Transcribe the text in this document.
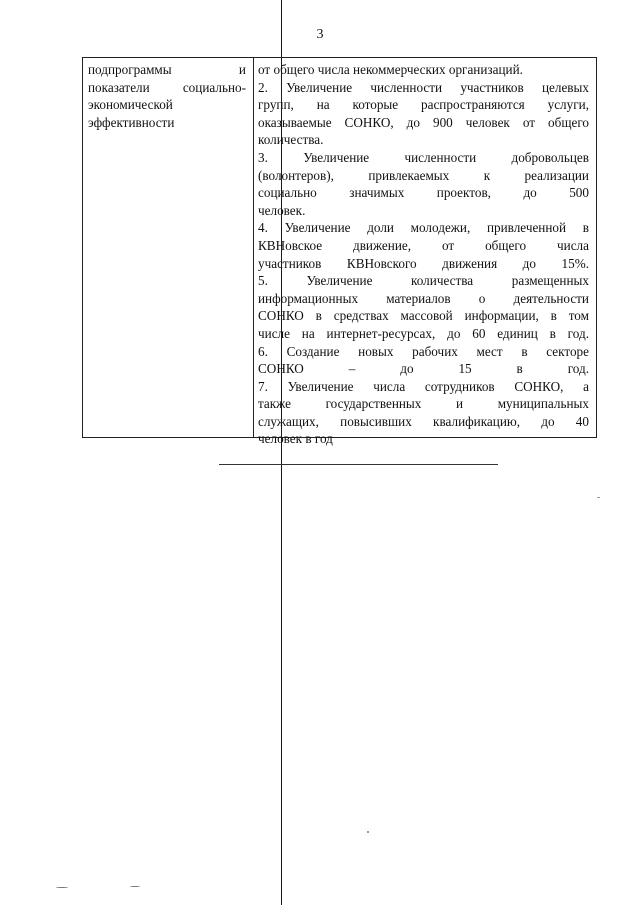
3
подпрограммы и
показатели социально-
экономической
эффективности

от общего числа некоммерческих организаций.

2. Увеличение численности участников целевых
групп, на которые распространяются услуги,
оказываемые СОНКО, до 900 человек от общего
количества.

3. Увеличение численности добровольцев
(волонтеров), привлекаемых к реализации
социально значимых проектов, до 500
человек.

4. Увеличение доли молодежи, привлеченной в
КВНовское движение, от общего числа
участников КВНовского движения до 15%.

5. Увеличение количества размещенных
информационных материалов о деятельности
СОНКО в средствах массовой информации, в том
числе на интернет-ресурсах, до 60 единиц в год.

6. Создание новых рабочих мест в секторе
СОНКО – до 15 в год.

7. Увеличение числа сотрудников СОНКО, а
также государственных и муниципальных
служащих, повысивших квалификацию, до 40
человек в год
